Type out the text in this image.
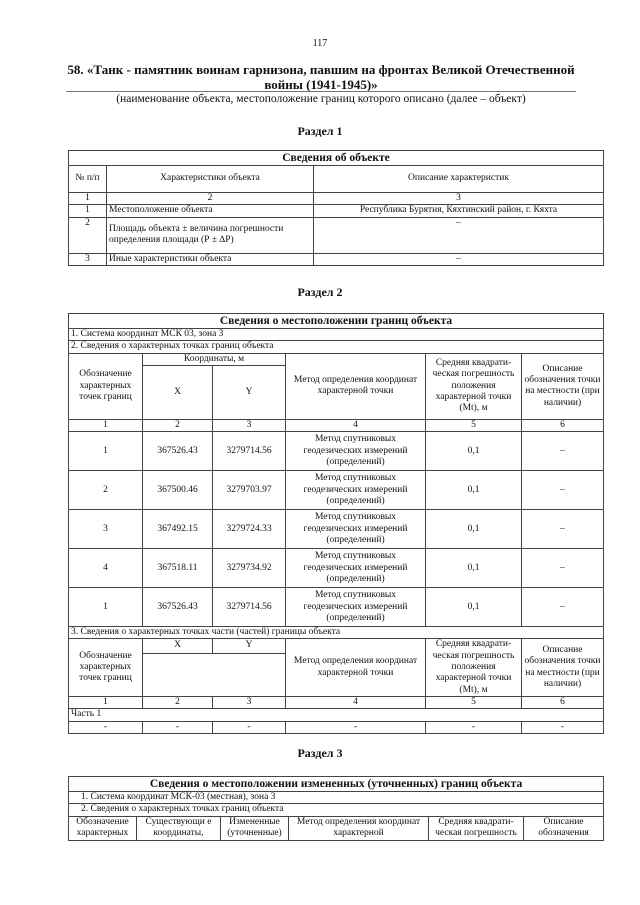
117
58. «Танк - памятник воинам гарнизона, павшим на фронтах Великой Отечественной войны (1941-1945)»
(наименование объекта, местоположение границ которого описано (далее – объект)
Раздел 1
Сведения об объекте		
№ п/п	Характеристики объекта	Описание характеристик
1	2	3
1	Местоположение объекта	Республика Бурятия, Кяхтинский район, г. Кяхта
2	Площадь объекта ± величина погрешности определения площади (Р ± ∆Р)	–
3	Иные характеристики объекта	–
Раздел 2
Сведения о местоположении границ объекта					
1. Система координат МСК 03, зона 3					
2. Сведения о характерных точках границ объекта					
Обозначение характерных точек границ	Координаты, м		Метод определения координат характерной точки	Средняя квадрати-ческая погрешность положения характерной точки (Мt), м	Описание обозначения точки на местности (при наличии)
	X	Y			
1	2	3	4	5	6
1	367526.43	3279714.56	Метод спутниковых геодезических измерений (определений)	0,1	–
2	367500.46	3279703.97	Метод спутниковых геодезических измерений (определений)	0,1	–
3	367492.15	3279724.33	Метод спутниковых геодезических измерений (определений)	0,1	–
4	367518.11	3279734.92	Метод спутниковых геодезических измерений (определений)	0,1	–
1	367526.43	3279714.56	Метод спутниковых геодезических измерений (определений)	0,1	–
3. Сведения о характерных точках части (частей) границы объекта					
Обозначение характерных точек границ	X	Y	Метод определения координат характерной точки	Средняя квадрати-ческая погрешность положения характерной точки (Мt), м	Описание обозначения точки на местности (при наличии)

1	2	3	4	5	6
Часть 1					
-	-	-	-	-	-
Раздел 3
Сведения о местоположении измененных (уточненных) границ объекта
1. Система координат МСК-03 (местная), зона 3
2. Сведения о характерных точках границ объекта
Обозначение характерных	Существующи е координаты,	Измененные (уточненные)	Метод определения координат характерной	Средняя квадрати-ческая погрешность	Описание обозначения
